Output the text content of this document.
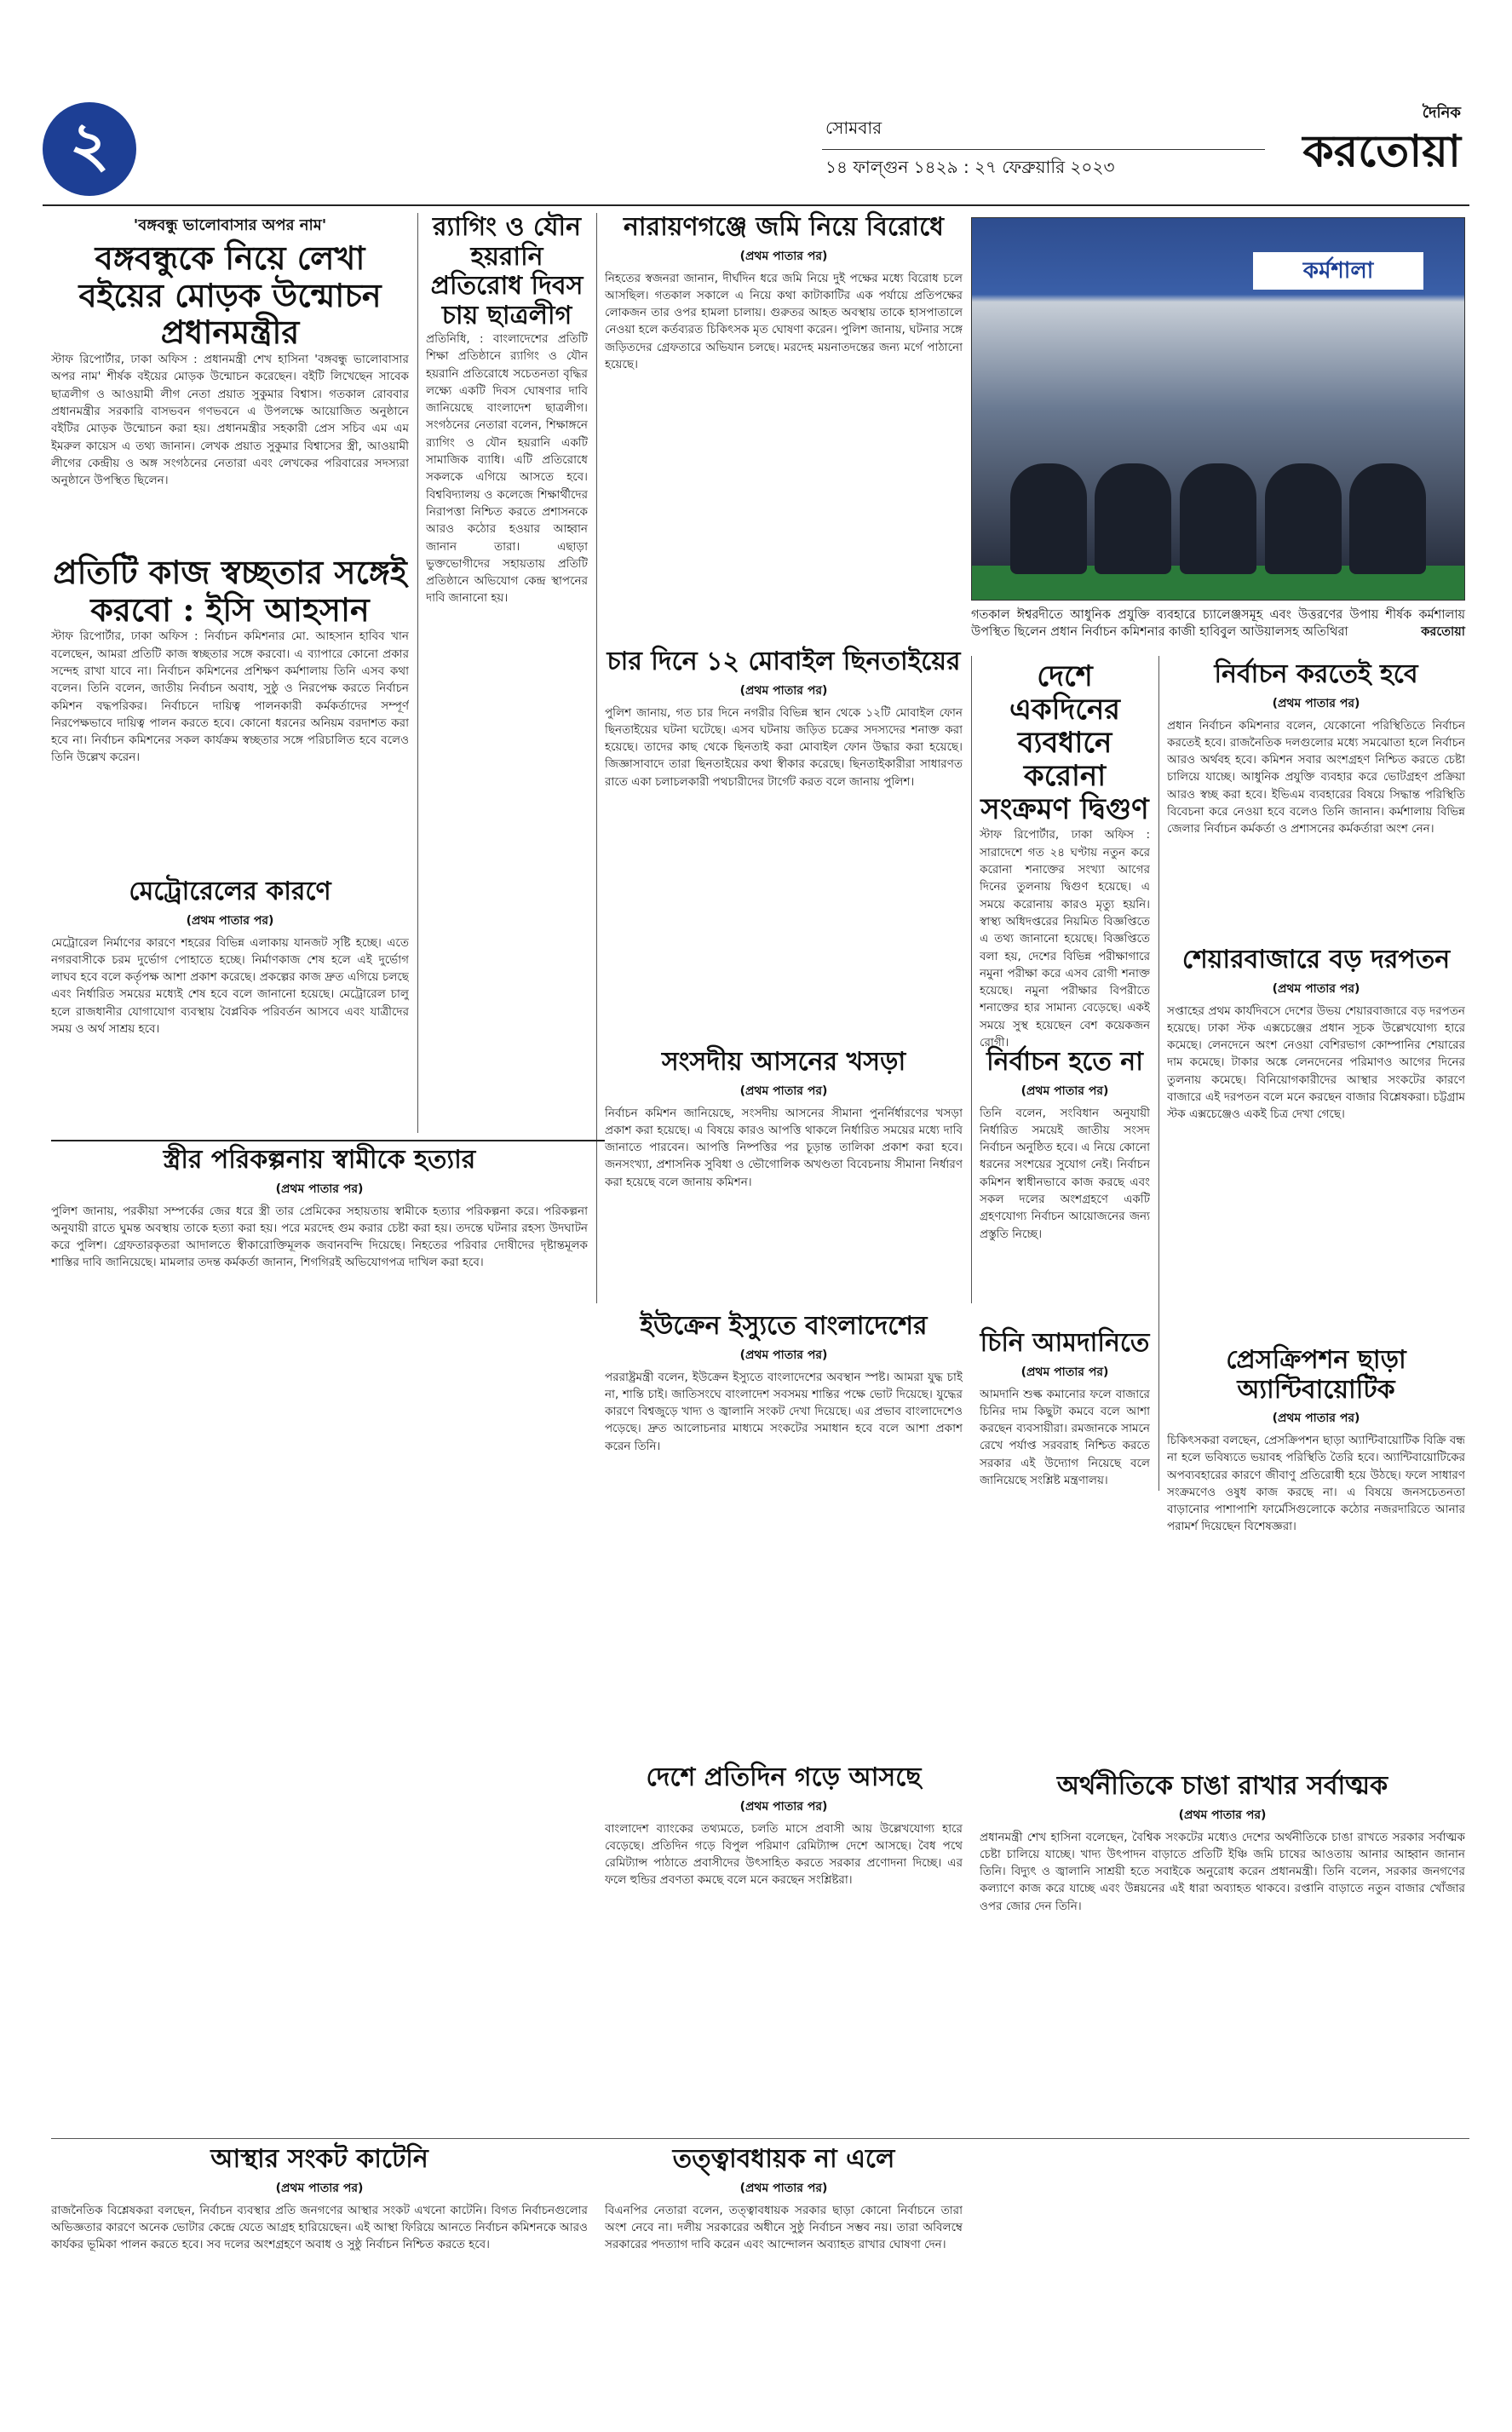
২	সোমবার
১৪ ফাল্গুন ১৪২৯ : ২৭ ফেব্রুয়ারি ২০২৩
দৈনিক
করতোয়া
'বঙ্গবন্ধু ভালোবাসার অপর নাম'
বঙ্গবন্ধুকে নিয়ে লেখা বইয়ের মোড়ক উন্মোচন প্রধানমন্ত্রীর
স্টাফ রিপোর্টার, ঢাকা অফিস : প্রধানমন্ত্রী শেখ হাসিনা 'বঙ্গবন্ধু ভালোবাসার অপর নাম' শীর্ষক বইয়ের মোড়ক উন্মোচন করেছেন। বইটি লিখেছেন সাবেক ছাত্রলীগ ও আওয়ামী লীগ নেতা প্রয়াত সুকুমার বিশ্বাস। গতকাল রোববার প্রধানমন্ত্রীর সরকারি বাসভবন গণভবনে এ উপলক্ষে আয়োজিত অনুষ্ঠানে বইটির মোড়ক উন্মোচন করা হয়। প্রধানমন্ত্রীর সহকারী প্রেস সচিব এম এম ইমরুল কায়েস এ তথ্য জানান। লেখক প্রয়াত সুকুমার বিশ্বাসের স্ত্রী, আওয়ামী লীগের কেন্দ্রীয় ও অঙ্গ সংগঠনের নেতারা এবং লেখকের পরিবারের সদস্যরা অনুষ্ঠানে উপস্থিত ছিলেন।
প্রতিটি কাজ স্বচ্ছতার সঙ্গেই করবো : ইসি আহসান
স্টাফ রিপোর্টার, ঢাকা অফিস : নির্বাচন কমিশনার মো. আহসান হাবিব খান বলেছেন, আমরা প্রতিটি কাজ স্বচ্ছতার সঙ্গে করবো। এ ব্যাপারে কোনো প্রকার সন্দেহ রাখা যাবে না। নির্বাচন কমিশনের প্রশিক্ষণ কর্মশালায় তিনি এসব কথা বলেন। তিনি বলেন, জাতীয় নির্বাচন অবাধ, সুষ্ঠু ও নিরপেক্ষ করতে নির্বাচন কমিশন বদ্ধপরিকর। নির্বাচনে দায়িত্ব পালনকারী কর্মকর্তাদের সম্পূর্ণ নিরপেক্ষভাবে দায়িত্ব পালন করতে হবে। কোনো ধরনের অনিয়ম বরদাশত করা হবে না। নির্বাচন কমিশনের সকল কার্যক্রম স্বচ্ছতার সঙ্গে পরিচালিত হবে বলেও তিনি উল্লেখ করেন।
মেট্রোরেলের কারণে
(প্রথম পাতার পর)
মেট্রোরেল নির্মাণের কারণে শহরের বিভিন্ন এলাকায় যানজট সৃষ্টি হচ্ছে। এতে নগরবাসীকে চরম দুর্ভোগ পোহাতে হচ্ছে। নির্মাণকাজ শেষ হলে এই দুর্ভোগ লাঘব হবে বলে কর্তৃপক্ষ আশা প্রকাশ করেছে। প্রকল্পের কাজ দ্রুত এগিয়ে চলছে এবং নির্ধারিত সময়ের মধ্যেই শেষ হবে বলে জানানো হয়েছে। মেট্রোরেল চালু হলে রাজধানীর যোগাযোগ ব্যবস্থায় বৈপ্লবিক পরিবর্তন আসবে এবং যাত্রীদের সময় ও অর্থ সাশ্রয় হবে।
র‌্যাগিং ও যৌন হয়রানি প্রতিরোধ দিবস চায় ছাত্রলীগ
প্রতিনিধি, : বাংলাদেশের প্রতিটি শিক্ষা প্রতিষ্ঠানে র‌্যাগিং ও যৌন হয়রানি প্রতিরোধে সচেতনতা বৃদ্ধির লক্ষ্যে একটি দিবস ঘোষণার দাবি জানিয়েছে বাংলাদেশ ছাত্রলীগ। সংগঠনের নেতারা বলেন, শিক্ষাঙ্গনে র‌্যাগিং ও যৌন হয়রানি একটি সামাজিক ব্যাধি। এটি প্রতিরোধে সকলকে এগিয়ে আসতে হবে। বিশ্ববিদ্যালয় ও কলেজে শিক্ষার্থীদের নিরাপত্তা নিশ্চিত করতে প্রশাসনকে আরও কঠোর হওয়ার আহ্বান জানান তারা। এছাড়া ভুক্তভোগীদের সহায়তায় প্রতিটি প্রতিষ্ঠানে অভিযোগ কেন্দ্র স্থাপনের দাবি জানানো হয়।
নারায়ণগঞ্জে জমি নিয়ে বিরোধে
(প্রথম পাতার পর)
নিহতের স্বজনরা জানান, দীর্ঘদিন ধরে জমি নিয়ে দুই পক্ষের মধ্যে বিরোধ চলে আসছিল। গতকাল সকালে এ নিয়ে কথা কাটাকাটির এক পর্যায়ে প্রতিপক্ষের লোকজন তার ওপর হামলা চালায়। গুরুতর আহত অবস্থায় তাকে হাসপাতালে নেওয়া হলে কর্তব্যরত চিকিৎসক মৃত ঘোষণা করেন। পুলিশ জানায়, ঘটনার সঙ্গে জড়িতদের গ্রেফতারে অভিযান চলছে। মরদেহ ময়নাতদন্তের জন্য মর্গে পাঠানো হয়েছে।
চার দিনে ১২ মোবাইল ছিনতাইয়ের
(প্রথম পাতার পর)
পুলিশ জানায়, গত চার দিনে নগরীর বিভিন্ন স্থান থেকে ১২টি মোবাইল ফোন ছিনতাইয়ের ঘটনা ঘটেছে। এসব ঘটনায় জড়িত চক্রের সদস্যদের শনাক্ত করা হয়েছে। তাদের কাছ থেকে ছিনতাই করা মোবাইল ফোন উদ্ধার করা হয়েছে। জিজ্ঞাসাবাদে তারা ছিনতাইয়ের কথা স্বীকার করেছে। ছিনতাইকারীরা সাধারণত রাতে একা চলাচলকারী পথচারীদের টার্গেট করত বলে জানায় পুলিশ।
সংসদীয় আসনের খসড়া
(প্রথম পাতার পর)
নির্বাচন কমিশন জানিয়েছে, সংসদীয় আসনের সীমানা পুনর্নির্ধারণের খসড়া প্রকাশ করা হয়েছে। এ বিষয়ে কারও আপত্তি থাকলে নির্ধারিত সময়ের মধ্যে দাবি জানাতে পারবেন। আপত্তি নিষ্পত্তির পর চূড়ান্ত তালিকা প্রকাশ করা হবে। জনসংখ্যা, প্রশাসনিক সুবিধা ও ভৌগোলিক অখণ্ডতা বিবেচনায় সীমানা নির্ধারণ করা হয়েছে বলে জানায় কমিশন।
কর্মশালা
গতকাল ঈশ্বরদীতে আধুনিক প্রযুক্তি ব্যবহারে চ্যালেঞ্জসমূহ এবং উত্তরণের উপায় শীর্ষক কর্মশালায় উপস্থিত ছিলেন প্রধান নির্বাচন কমিশনার কাজী হাবিবুল আউয়ালসহ অতিথিরা	করতোয়া
দেশে একদিনের ব্যবধানে করোনা সংক্রমণ দ্বিগুণ
স্টাফ রিপোর্টার, ঢাকা অফিস : সারাদেশে গত ২৪ ঘণ্টায় নতুন করে করোনা শনাক্তের সংখ্যা আগের দিনের তুলনায় দ্বিগুণ হয়েছে। এ সময়ে করোনায় কারও মৃত্যু হয়নি। স্বাস্থ্য অধিদপ্তরের নিয়মিত বিজ্ঞপ্তিতে এ তথ্য জানানো হয়েছে। বিজ্ঞপ্তিতে বলা হয়, দেশের বিভিন্ন পরীক্ষাগারে নমুনা পরীক্ষা করে এসব রোগী শনাক্ত হয়েছে। নমুনা পরীক্ষার বিপরীতে শনাক্তের হার সামান্য বেড়েছে। একই সময়ে সুস্থ হয়েছেন বেশ কয়েকজন রোগী।
নির্বাচন হতে না
(প্রথম পাতার পর)
তিনি বলেন, সংবিধান অনুযায়ী নির্ধারিত সময়েই জাতীয় সংসদ নির্বাচন অনুষ্ঠিত হবে। এ নিয়ে কোনো ধরনের সংশয়ের সুযোগ নেই। নির্বাচন কমিশন স্বাধীনভাবে কাজ করছে এবং সকল দলের অংশগ্রহণে একটি গ্রহণযোগ্য নির্বাচন আয়োজনের জন্য প্রস্তুতি নিচ্ছে।
নির্বাচন করতেই হবে
(প্রথম পাতার পর)
প্রধান নির্বাচন কমিশনার বলেন, যেকোনো পরিস্থিতিতে নির্বাচন করতেই হবে। রাজনৈতিক দলগুলোর মধ্যে সমঝোতা হলে নির্বাচন আরও অর্থবহ হবে। কমিশন সবার অংশগ্রহণ নিশ্চিত করতে চেষ্টা চালিয়ে যাচ্ছে। আধুনিক প্রযুক্তি ব্যবহার করে ভোটগ্রহণ প্রক্রিয়া আরও স্বচ্ছ করা হবে। ইভিএম ব্যবহারের বিষয়ে সিদ্ধান্ত পরিস্থিতি বিবেচনা করে নেওয়া হবে বলেও তিনি জানান। কর্মশালায় বিভিন্ন জেলার নির্বাচন কর্মকর্তা ও প্রশাসনের কর্মকর্তারা অংশ নেন।
শেয়ারবাজারে বড় দরপতন
(প্রথম পাতার পর)
সপ্তাহের প্রথম কার্যদিবসে দেশের উভয় শেয়ারবাজারে বড় দরপতন হয়েছে। ঢাকা স্টক এক্সচেঞ্জের প্রধান সূচক উল্লেখযোগ্য হারে কমেছে। লেনদেনে অংশ নেওয়া বেশিরভাগ কোম্পানির শেয়ারের দাম কমেছে। টাকার অঙ্কে লেনদেনের পরিমাণও আগের দিনের তুলনায় কমেছে। বিনিয়োগকারীদের আস্থার সংকটের কারণে বাজারে এই দরপতন বলে মনে করছেন বাজার বিশ্লেষকরা। চট্টগ্রাম স্টক এক্সচেঞ্জেও একই চিত্র দেখা গেছে।
স্ত্রীর পরিকল্পনায় স্বামীকে হত্যার
(প্রথম পাতার পর)
পুলিশ জানায়, পরকীয়া সম্পর্কের জের ধরে স্ত্রী তার প্রেমিকের সহায়তায় স্বামীকে হত্যার পরিকল্পনা করে। পরিকল্পনা অনুযায়ী রাতে ঘুমন্ত অবস্থায় তাকে হত্যা করা হয়। পরে মরদেহ গুম করার চেষ্টা করা হয়। তদন্তে ঘটনার রহস্য উদঘাটন করে পুলিশ। গ্রেফতারকৃতরা আদালতে স্বীকারোক্তিমূলক জবানবন্দি দিয়েছে। নিহতের পরিবার দোষীদের দৃষ্টান্তমূলক শাস্তির দাবি জানিয়েছে। মামলার তদন্ত কর্মকর্তা জানান, শিগগিরই অভিযোগপত্র দাখিল করা হবে।
ইউক্রেন ইস্যুতে বাংলাদেশের
(প্রথম পাতার পর)
পররাষ্ট্রমন্ত্রী বলেন, ইউক্রেন ইস্যুতে বাংলাদেশের অবস্থান স্পষ্ট। আমরা যুদ্ধ চাই না, শান্তি চাই। জাতিসংঘে বাংলাদেশ সবসময় শান্তির পক্ষে ভোট দিয়েছে। যুদ্ধের কারণে বিশ্বজুড়ে খাদ্য ও জ্বালানি সংকট দেখা দিয়েছে। এর প্রভাব বাংলাদেশেও পড়েছে। দ্রুত আলোচনার মাধ্যমে সংকটের সমাধান হবে বলে আশা প্রকাশ করেন তিনি।
দেশে প্রতিদিন গড়ে আসছে
(প্রথম পাতার পর)
বাংলাদেশ ব্যাংকের তথ্যমতে, চলতি মাসে প্রবাসী আয় উল্লেখযোগ্য হারে বেড়েছে। প্রতিদিন গড়ে বিপুল পরিমাণ রেমিট্যান্স দেশে আসছে। বৈধ পথে রেমিট্যান্স পাঠাতে প্রবাসীদের উৎসাহিত করতে সরকার প্রণোদনা দিচ্ছে। এর ফলে হুন্ডির প্রবণতা কমছে বলে মনে করছেন সংশ্লিষ্টরা।
চিনি আমদানিতে
(প্রথম পাতার পর)
আমদানি শুল্ক কমানোর ফলে বাজারে চিনির দাম কিছুটা কমবে বলে আশা করছেন ব্যবসায়ীরা। রমজানকে সামনে রেখে পর্যাপ্ত সরবরাহ নিশ্চিত করতে সরকার এই উদ্যোগ নিয়েছে বলে জানিয়েছে সংশ্লিষ্ট মন্ত্রণালয়।
প্রেসক্রিপশন ছাড়া অ্যান্টিবায়োটিক
(প্রথম পাতার পর)
চিকিৎসকরা বলছেন, প্রেসক্রিপশন ছাড়া অ্যান্টিবায়োটিক বিক্রি বন্ধ না হলে ভবিষ্যতে ভয়াবহ পরিস্থিতি তৈরি হবে। অ্যান্টিবায়োটিকের অপব্যবহারের কারণে জীবাণু প্রতিরোধী হয়ে উঠছে। ফলে সাধারণ সংক্রমণেও ওষুধ কাজ করছে না। এ বিষয়ে জনসচেতনতা বাড়ানোর পাশাপাশি ফার্মেসিগুলোকে কঠোর নজরদারিতে আনার পরামর্শ দিয়েছেন বিশেষজ্ঞরা।
আস্থার সংকট কাটেনি
(প্রথম পাতার পর)
রাজনৈতিক বিশ্লেষকরা বলছেন, নির্বাচন ব্যবস্থার প্রতি জনগণের আস্থার সংকট এখনো কাটেনি। বিগত নির্বাচনগুলোর অভিজ্ঞতার কারণে অনেক ভোটার কেন্দ্রে যেতে আগ্রহ হারিয়েছেন। এই আস্থা ফিরিয়ে আনতে নির্বাচন কমিশনকে আরও কার্যকর ভূমিকা পালন করতে হবে। সব দলের অংশগ্রহণে অবাধ ও সুষ্ঠু নির্বাচন নিশ্চিত করতে হবে।
তত্ত্বাবধায়ক না এলে
(প্রথম পাতার পর)
বিএনপির নেতারা বলেন, তত্ত্বাবধায়ক সরকার ছাড়া কোনো নির্বাচনে তারা অংশ নেবে না। দলীয় সরকারের অধীনে সুষ্ঠু নির্বাচন সম্ভব নয়। তারা অবিলম্বে সরকারের পদত্যাগ দাবি করেন এবং আন্দোলন অব্যাহত রাখার ঘোষণা দেন।
অর্থনীতিকে চাঙা রাখার সর্বাত্মক
(প্রথম পাতার পর)
প্রধানমন্ত্রী শেখ হাসিনা বলেছেন, বৈশ্বিক সংকটের মধ্যেও দেশের অর্থনীতিকে চাঙা রাখতে সরকার সর্বাত্মক চেষ্টা চালিয়ে যাচ্ছে। খাদ্য উৎপাদন বাড়াতে প্রতিটি ইঞ্চি জমি চাষের আওতায় আনার আহ্বান জানান তিনি। বিদ্যুৎ ও জ্বালানি সাশ্রয়ী হতে সবাইকে অনুরোধ করেন প্রধানমন্ত্রী। তিনি বলেন, সরকার জনগণের কল্যাণে কাজ করে যাচ্ছে এবং উন্নয়নের এই ধারা অব্যাহত থাকবে। রপ্তানি বাড়াতে নতুন বাজার খোঁজার ওপর জোর দেন তিনি।
